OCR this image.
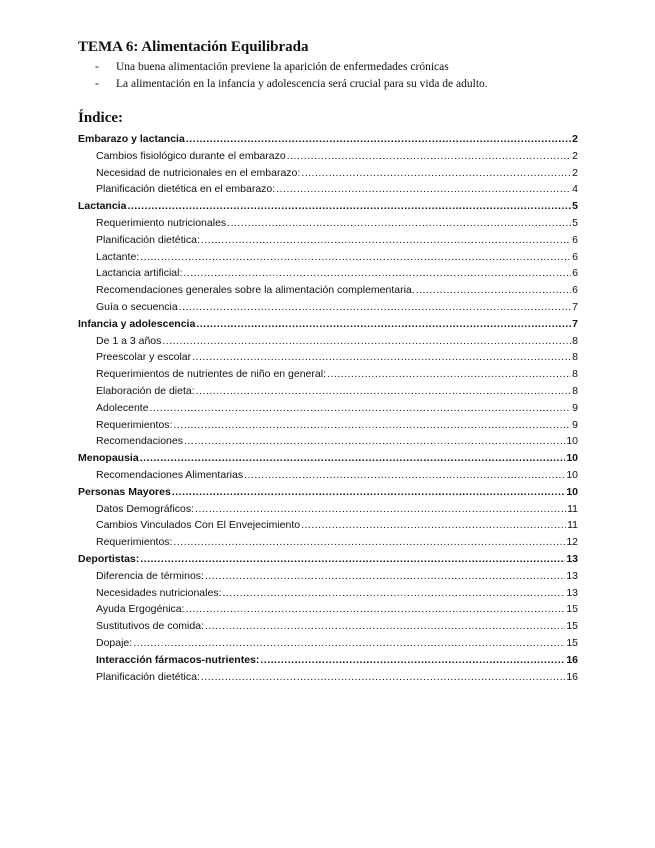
TEMA 6: Alimentación Equilibrada
- Una buena alimentación previene la aparición de enfermedades crónicas
- La alimentación en la infancia y adolescencia será crucial para su vida de adulto.
Índice:
Embarazo y lactancia .....	2
Cambios fisiológico durante el embarazo .....	2
Necesidad de nutricionales en el embarazo: .....	2
Planificación dietética en el embarazo: .....	4
Lactancia .....	5
Requerimiento nutricionales .....	5
Planificación dietética: .....	6
Lactante: .....	6
Lactancia artificial: .....	6
Recomendaciones generales sobre la alimentación complementaria. .....	6
Guía o secuencia .....	7
Infancia y adolescencia .....	7
De 1 a 3 años .....	8
Preescolar y escolar .....	8
Requerimientos de nutrientes de niño en general: .....	8
Elaboración de dieta: .....	8
Adolecente .....	9
Requerimientos: .....	9
Recomendaciones .....	10
Menopausia .....	10
Recomendaciones Alimentarias .....	10
Personas Mayores .....	10
Datos Demográficos: .....	11
Cambios Vinculados Con El Envejecimiento .....	11
Requerimientos: .....	12
Deportistas: .....	13
Diferencia de términos: .....	13
Necesidades nutricionales: .....	13
Ayuda Ergogénica: .....	15
Sustitutivos de comida: .....	15
Dopaje: .....	15
Interacción fármacos-nutrientes: .....	16
Planificación dietética: .....	16
